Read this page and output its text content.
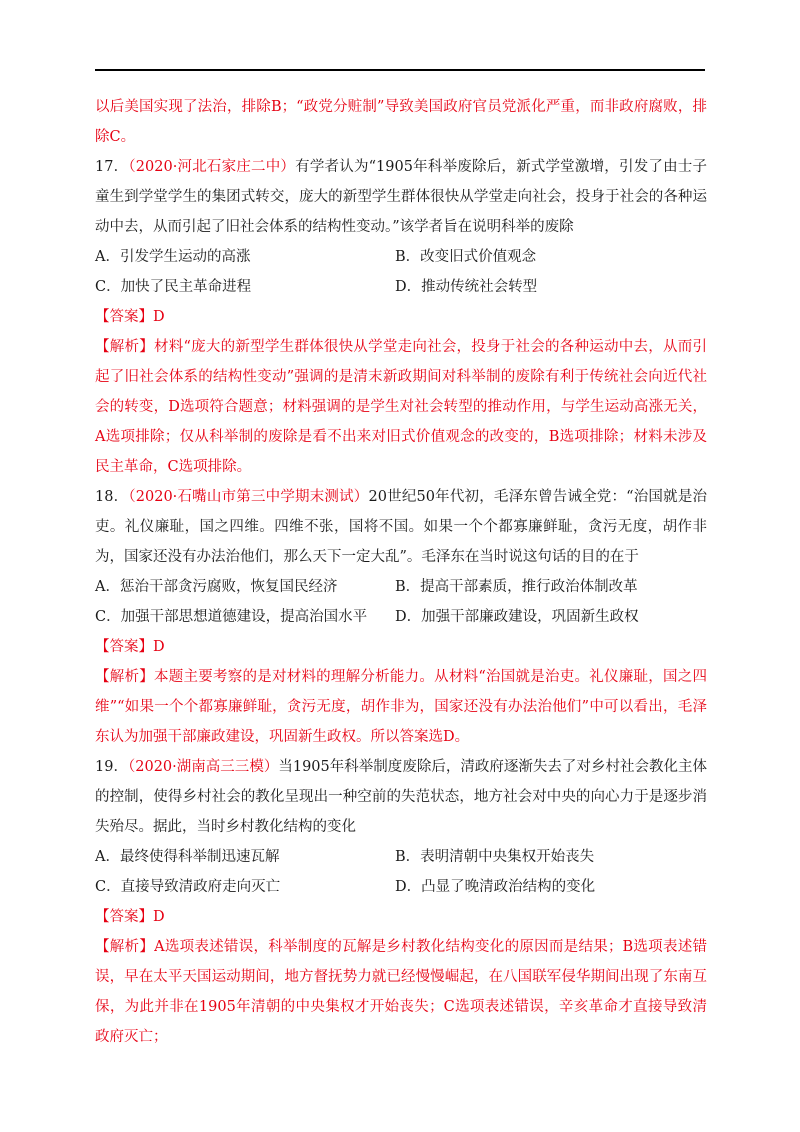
以后美国实现了法治，排除B；“政党分赃制”导致美国政府官员党派化严重，而非政府腐败，排除C。

17．（2020·河北石家庄二中）有学者认为“1905年科举废除后，新式学堂激增，引发了由士子童生到学堂学生的集团式转交，庞大的新型学生群体很快从学堂走向社会，投身于社会的各种运动中去，从而引起了旧社会体系的结构性变动。”该学者旨在说明科举的废除

A．引发学生运动的高涨	B．改变旧式价值观念
C．加快了民主革命进程	D．推动传统社会转型

【答案】D

【解析】材料“庞大的新型学生群体很快从学堂走向社会，投身于社会的各种运动中去，从而引起了旧社会体系的结构性变动”强调的是清末新政期间对科举制的废除有利于传统社会向近代社会的转变，D选项符合题意；材料强调的是学生对社会转型的推动作用，与学生运动高涨无关，A选项排除；仅从科举制的废除是看不出来对旧式价值观念的改变的，B选项排除；材料未涉及民主革命，C选项排除。

18．（2020·石嘴山市第三中学期末测试）20世纪50年代初，毛泽东曾告诫全党：“治国就是治吏。礼仪廉耻，国之四维。四维不张，国将不国。如果一个个都寡廉鲜耻，贪污无度，胡作非为，国家还没有办法治他们，那么天下一定大乱”。毛泽东在当时说这句话的目的在于

A．惩治干部贪污腐败，恢复国民经济	B．提高干部素质，推行政治体制改革
C．加强干部思想道德建设，提高治国水平	D．加强干部廉政建设，巩固新生政权

【答案】D

【解析】本题主要考察的是对材料的理解分析能力。从材料“治国就是治吏。礼仪廉耻，国之四维”“如果一个个都寡廉鲜耻，贪污无度，胡作非为，国家还没有办法治他们”中可以看出，毛泽东认为加强干部廉政建设，巩固新生政权。所以答案选D。

19．（2020·湖南高三三模）当1905年科举制度废除后，清政府逐渐失去了对乡村社会教化主体的控制，使得乡村社会的教化呈现出一种空前的失范状态，地方社会对中央的向心力于是逐步消失殆尽。据此，当时乡村教化结构的变化

A．最终使得科举制迅速瓦解	B．表明清朝中央集权开始丧失
C．直接导致清政府走向灭亡	D．凸显了晚清政治结构的变化

【答案】D

【解析】A选项表述错误，科举制度的瓦解是乡村教化结构变化的原因而是结果；B选项表述错误，早在太平天国运动期间，地方督抚势力就已经慢慢崛起，在八国联军侵华期间出现了东南互保，为此并非在1905年清朝的中央集权才开始丧失；C选项表述错误，辛亥革命才直接导致清政府灭亡；
